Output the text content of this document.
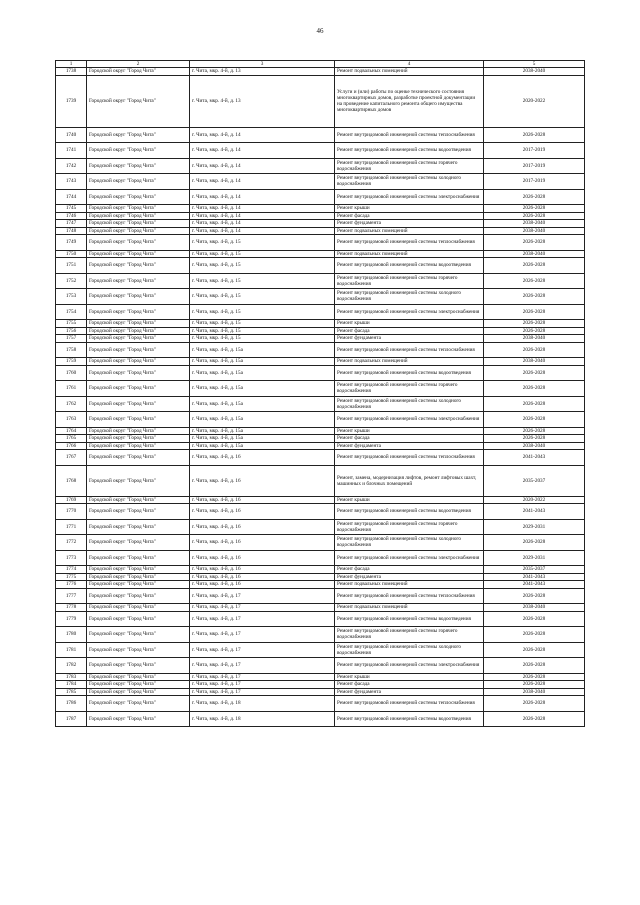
46
1	2	3	4	5
1738	Городской округ "Город Чита"	г. Чита, мкр. 4-й, д. 13	Ремонт подвальных помещений	2038-2040
1739	Городской округ "Город Чита"	г. Чита, мкр. 4-й, д. 13	Услуги и (или) работы по оценке технического состояния многоквартирных домов, разработке проектной документации на проведение капитального ремонта общего имущества многоквартирных домов	2020-2022
1740	Городской округ "Город Чита"	г. Чита, мкр. 4-й, д. 14	Ремонт внутридомовой инженерной системы теплоснабжения	2026-2028
1741	Городской округ "Город Чита"	г. Чита, мкр. 4-й, д. 14	Ремонт внутридомовой инженерной системы водоотведения	2017-2019
1742	Городской округ "Город Чита"	г. Чита, мкр. 4-й, д. 14	Ремонт внутридомовой инженерной системы горячего водоснабжения	2017-2019
1743	Городской округ "Город Чита"	г. Чита, мкр. 4-й, д. 14	Ремонт внутридомовой инженерной системы холодного водоснабжения	2017-2019
1744	Городской округ "Город Чита"	г. Чита, мкр. 4-й, д. 14	Ремонт внутридомовой инженерной системы электроснабжения	2026-2028
1745	Городской округ "Город Чита"	г. Чита, мкр. 4-й, д. 14	Ремонт крыши	2026-2028
1746	Городской округ "Город Чита"	г. Чита, мкр. 4-й, д. 14	Ремонт фасада	2026-2028
1747	Городской округ "Город Чита"	г. Чита, мкр. 4-й, д. 14	Ремонт фундамента	2038-2040
1748	Городской округ "Город Чита"	г. Чита, мкр. 4-й, д. 14	Ремонт подвальных помещений	2038-2040
1749	Городской округ "Город Чита"	г. Чита, мкр. 4-й, д. 15	Ремонт внутридомовой инженерной системы теплоснабжения	2026-2028
1750	Городской округ "Город Чита"	г. Чита, мкр. 4-й, д. 15	Ремонт подвальных помещений	2038-2040
1751	Городской округ "Город Чита"	г. Чита, мкр. 4-й, д. 15	Ремонт внутридомовой инженерной системы водоотведения	2026-2028
1752	Городской округ "Город Чита"	г. Чита, мкр. 4-й, д. 15	Ремонт внутридомовой инженерной системы горячего водоснабжения	2026-2028
1753	Городской округ "Город Чита"	г. Чита, мкр. 4-й, д. 15	Ремонт внутридомовой инженерной системы холодного водоснабжения	2026-2028
1754	Городской округ "Город Чита"	г. Чита, мкр. 4-й, д. 15	Ремонт внутридомовой инженерной системы электроснабжения	2026-2028
1755	Городской округ "Город Чита"	г. Чита, мкр. 4-й, д. 15	Ремонт крыши	2026-2028
1756	Городской округ "Город Чита"	г. Чита, мкр. 4-й, д. 15	Ремонт фасада	2026-2028
1757	Городской округ "Город Чита"	г. Чита, мкр. 4-й, д. 15	Ремонт фундамента	2038-2040
1758	Городской округ "Город Чита"	г. Чита, мкр. 4-й, д. 15а	Ремонт внутридомовой инженерной системы теплоснабжения	2026-2028
1759	Городской округ "Город Чита"	г. Чита, мкр. 4-й, д. 15а	Ремонт подвальных помещений	2038-2040
1760	Городской округ "Город Чита"	г. Чита, мкр. 4-й, д. 15а	Ремонт внутридомовой инженерной системы водоотведения	2026-2028
1761	Городской округ "Город Чита"	г. Чита, мкр. 4-й, д. 15а	Ремонт внутридомовой инженерной системы горячего водоснабжения	2026-2028
1762	Городской округ "Город Чита"	г. Чита, мкр. 4-й, д. 15а	Ремонт внутридомовой инженерной системы холодного водоснабжения	2026-2028
1763	Городской округ "Город Чита"	г. Чита, мкр. 4-й, д. 15а	Ремонт внутридомовой инженерной системы электроснабжения	2026-2028
1764	Городской округ "Город Чита"	г. Чита, мкр. 4-й, д. 15а	Ремонт крыши	2026-2028
1765	Городской округ "Город Чита"	г. Чита, мкр. 4-й, д. 15а	Ремонт фасада	2026-2028
1766	Городской округ "Город Чита"	г. Чита, мкр. 4-й, д. 15а	Ремонт фундамента	2038-2040
1767	Городской округ "Город Чита"	г. Чита, мкр. 4-й, д. 16	Ремонт внутридомовой инженерной системы теплоснабжения	2041-2043
1768	Городской округ "Город Чита"	г. Чита, мкр. 4-й, д. 16	Ремонт, замена, модернизация лифтов, ремонт лифтовых шахт, машинных и блочных помещений	2035-2037
1769	Городской округ "Город Чита"	г. Чита, мкр. 4-й, д. 16	Ремонт крыши	2020-2022
1770	Городской округ "Город Чита"	г. Чита, мкр. 4-й, д. 16	Ремонт внутридомовой инженерной системы водоотведения	2041-2043
1771	Городской округ "Город Чита"	г. Чита, мкр. 4-й, д. 16	Ремонт внутридомовой инженерной системы горячего водоснабжения	2029-2031
1772	Городской округ "Город Чита"	г. Чита, мкр. 4-й, д. 16	Ремонт внутридомовой инженерной системы холодного водоснабжения	2026-2028
1773	Городской округ "Город Чита"	г. Чита, мкр. 4-й, д. 16	Ремонт внутридомовой инженерной системы электроснабжения	2029-2031
1774	Городской округ "Город Чита"	г. Чита, мкр. 4-й, д. 16	Ремонт фасада	2035-2037
1775	Городской округ "Город Чита"	г. Чита, мкр. 4-й, д. 16	Ремонт фундамента	2041-2043
1776	Городской округ "Город Чита"	г. Чита, мкр. 4-й, д. 16	Ремонт подвальных помещений	2041-2043
1777	Городской округ "Город Чита"	г. Чита, мкр. 4-й, д. 17	Ремонт внутридомовой инженерной системы теплоснабжения	2026-2028
1778	Городской округ "Город Чита"	г. Чита, мкр. 4-й, д. 17	Ремонт подвальных помещений	2038-2040
1779	Городской округ "Город Чита"	г. Чита, мкр. 4-й, д. 17	Ремонт внутридомовой инженерной системы водоотведения	2026-2028
1780	Городской округ "Город Чита"	г. Чита, мкр. 4-й, д. 17	Ремонт внутридомовой инженерной системы горячего водоснабжения	2026-2028
1781	Городской округ "Город Чита"	г. Чита, мкр. 4-й, д. 17	Ремонт внутридомовой инженерной системы холодного водоснабжения	2026-2028
1782	Городской округ "Город Чита"	г. Чита, мкр. 4-й, д. 17	Ремонт внутридомовой инженерной системы электроснабжения	2026-2028
1783	Городской округ "Город Чита"	г. Чита, мкр. 4-й, д. 17	Ремонт крыши	2026-2028
1784	Городской округ "Город Чита"	г. Чита, мкр. 4-й, д. 17	Ремонт фасада	2026-2028
1785	Городской округ "Город Чита"	г. Чита, мкр. 4-й, д. 17	Ремонт фундамента	2038-2040
1786	Городской округ "Город Чита"	г. Чита, мкр. 4-й, д. 18	Ремонт внутридомовой инженерной системы теплоснабжения	2026-2028
1787	Городской округ "Город Чита"	г. Чита, мкр. 4-й, д. 18	Ремонт внутридомовой инженерной системы водоотведения	2026-2028
